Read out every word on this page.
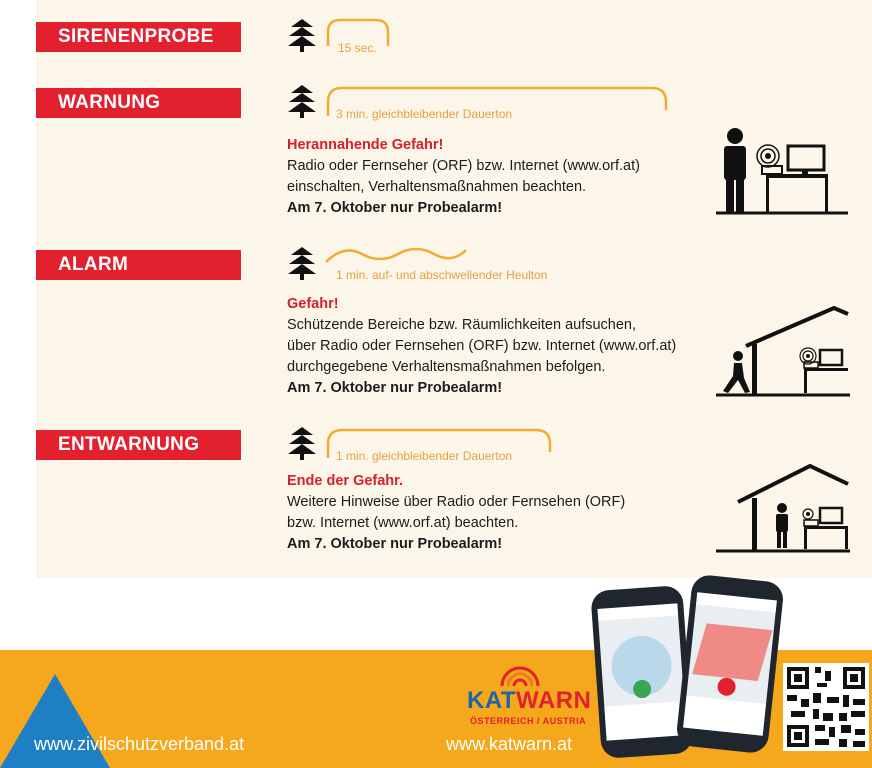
SIRENENPROBE
15 sec.
WARNUNG
3 min. gleichbleibender Dauerton
Herannahende Gefahr!
Radio oder Fernseher (ORF) bzw. Internet (www.orf.at)
einschalten, Verhaltensmaßnahmen beachten.
Am 7. Oktober nur Probealarm!
ALARM	1 min. auf- und abschwellender Heulton
Gefahr!
Schützende Bereiche bzw. Räumlichkeiten aufsuchen,
über Radio oder Fernsehen (ORF) bzw. Internet (www.orf.at)
durchgegebene Verhaltensmaßnahmen befolgen.
Am 7. Oktober nur Probealarm!
ENTWARNUNG
1 min. gleichbleibender Dauerton
Ende der Gefahr.
Weitere Hinweise über Radio oder Fernsehen (ORF)
bzw. Internet (www.orf.at) beachten.
Am 7. Oktober nur Probealarm!
www.zivilschutzverband.at
KATWARN
ÖSTERREICH / AUSTRIA
www.katwarn.at
